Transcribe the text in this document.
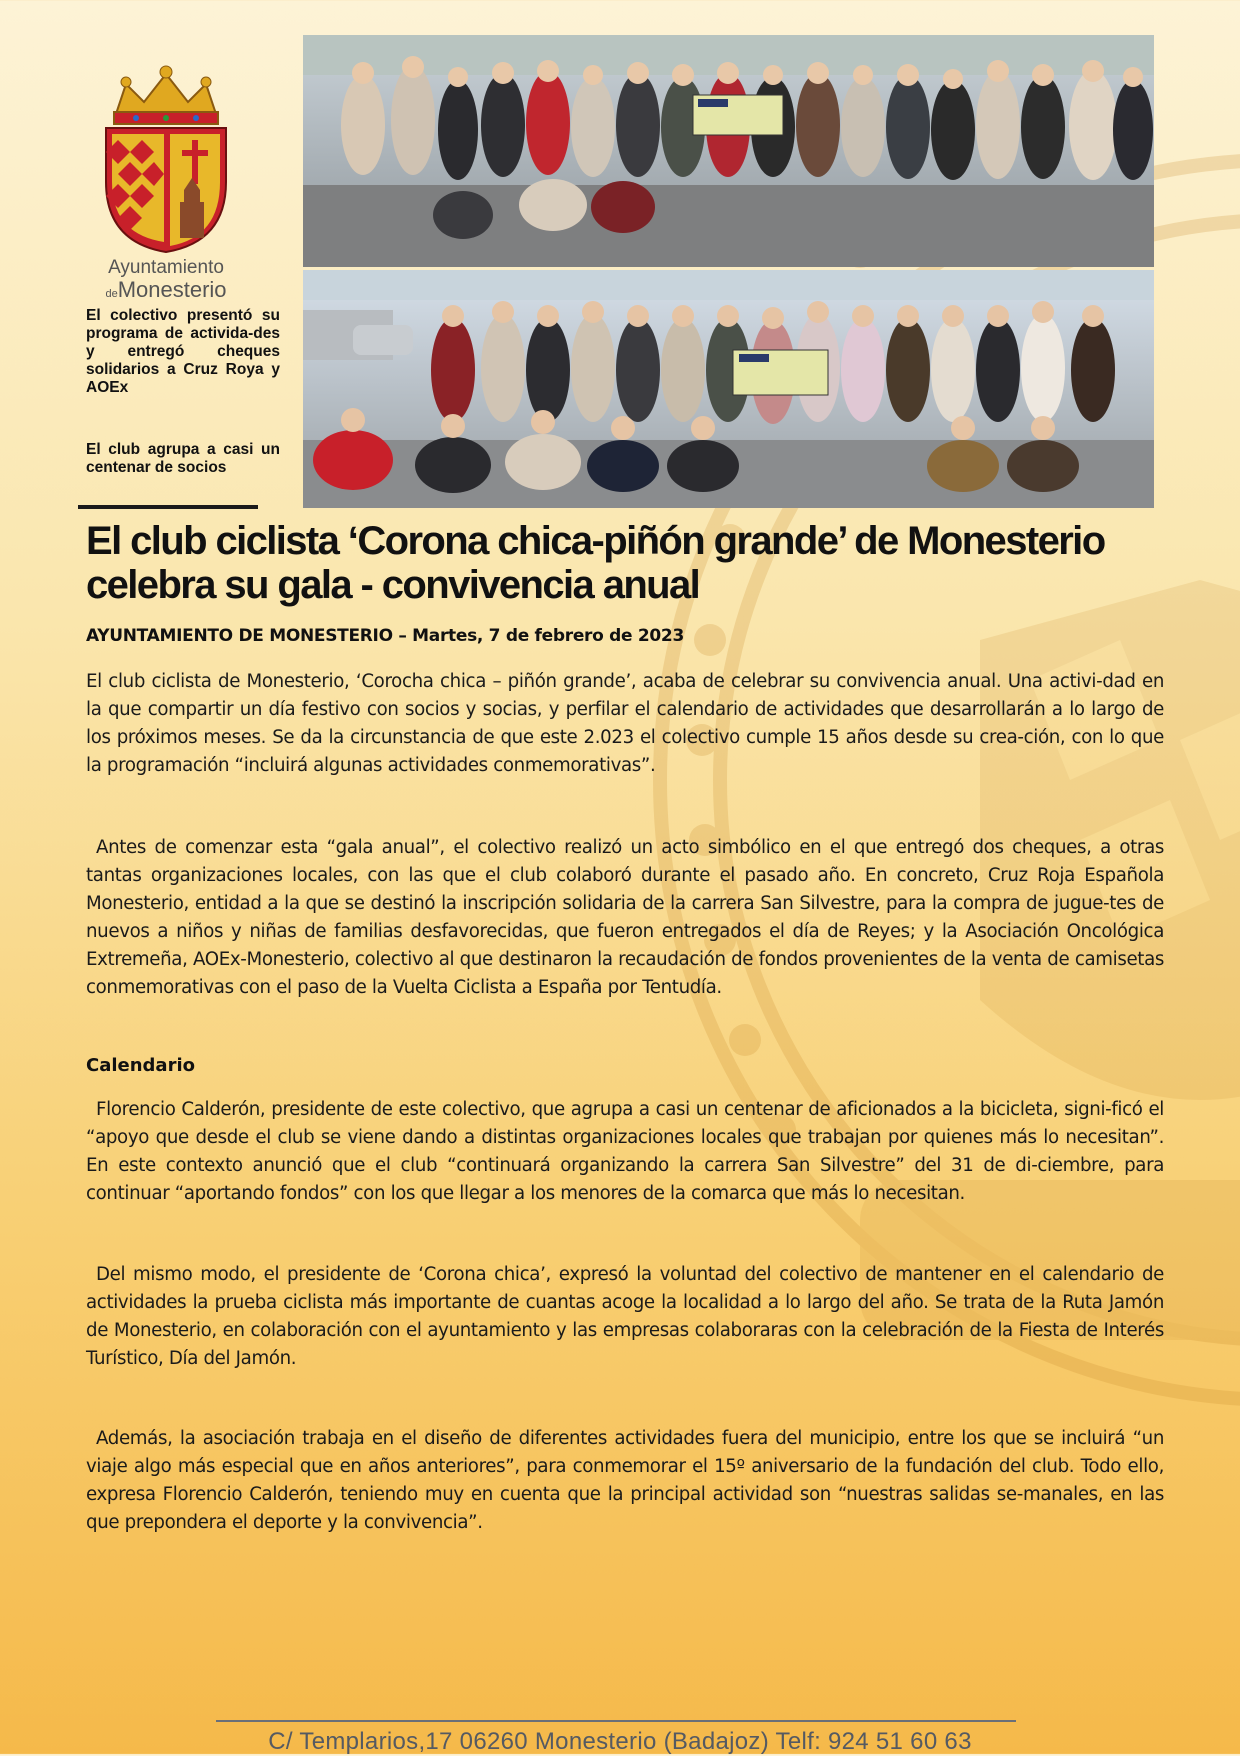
Ayuntamiento
deMonesterio
El colectivo presentó su programa de activida-des y entregó cheques solidarios a Cruz Roya y AOEx
El club agrupa a casi un centenar de socios
El club ciclista ‘Corona chica-piñón grande’ de Monesterio celebra su gala - convivencia anual
AYUNTAMIENTO DE MONESTERIO – Martes, 7 de febrero de 2023

El club ciclista de Monesterio, ‘Corocha chica – piñón grande’, acaba de celebrar su convivencia anual. Una activi-dad en la que compartir un día festivo con socios y socias, y perfilar el calendario de actividades que desarrollarán a lo largo de los próximos meses. Se da la circunstancia de que este 2.023 el colectivo cumple 15 años desde su crea-ción, con lo que la programación “incluirá algunas actividades conmemorativas”.

Antes de comenzar esta “gala anual”, el colectivo realizó un acto simbólico en el que entregó dos cheques, a otras tantas organizaciones locales, con las que el club colaboró durante el pasado año. En concreto, Cruz Roja Española Monesterio, entidad a la que se destinó la inscripción solidaria de la carrera San Silvestre, para la compra de jugue-tes de nuevos a niños y niñas de familias desfavorecidas, que fueron entregados el día de Reyes; y la Asociación Oncológica Extremeña, AOEx-Monesterio, colectivo al que destinaron la recaudación de fondos provenientes de la venta de camisetas conmemorativas con el paso de la Vuelta Ciclista a España por Tentudía.

Calendario

Florencio Calderón, presidente de este colectivo, que agrupa a casi un centenar de aficionados a la bicicleta, signi-ficó el “apoyo que desde el club se viene dando a distintas organizaciones locales que trabajan por quienes más lo necesitan”. En este contexto anunció que el club “continuará organizando la carrera San Silvestre” del 31 de di-ciembre, para continuar “aportando fondos” con los que llegar a los menores de la comarca que más lo necesitan.

Del mismo modo, el presidente de ‘Corona chica’, expresó la voluntad del colectivo de mantener en el calendario de actividades la prueba ciclista más importante de cuantas acoge la localidad a lo largo del año. Se trata de la Ruta Jamón de Monesterio, en colaboración con el ayuntamiento y las empresas colaboraras con la celebración de la Fiesta de Interés Turístico, Día del Jamón.

Además, la asociación trabaja en el diseño de diferentes actividades fuera del municipio, entre los que se incluirá “un viaje algo más especial que en años anteriores”, para conmemorar el 15º aniversario de la fundación del club. Todo ello, expresa Florencio Calderón, teniendo muy en cuenta que la principal actividad son “nuestras salidas se-manales, en las que prepondera el deporte y la convivencia”.

C/ Templarios,17 06260 Monesterio (Badajoz) Telf: 924 51 60 63
